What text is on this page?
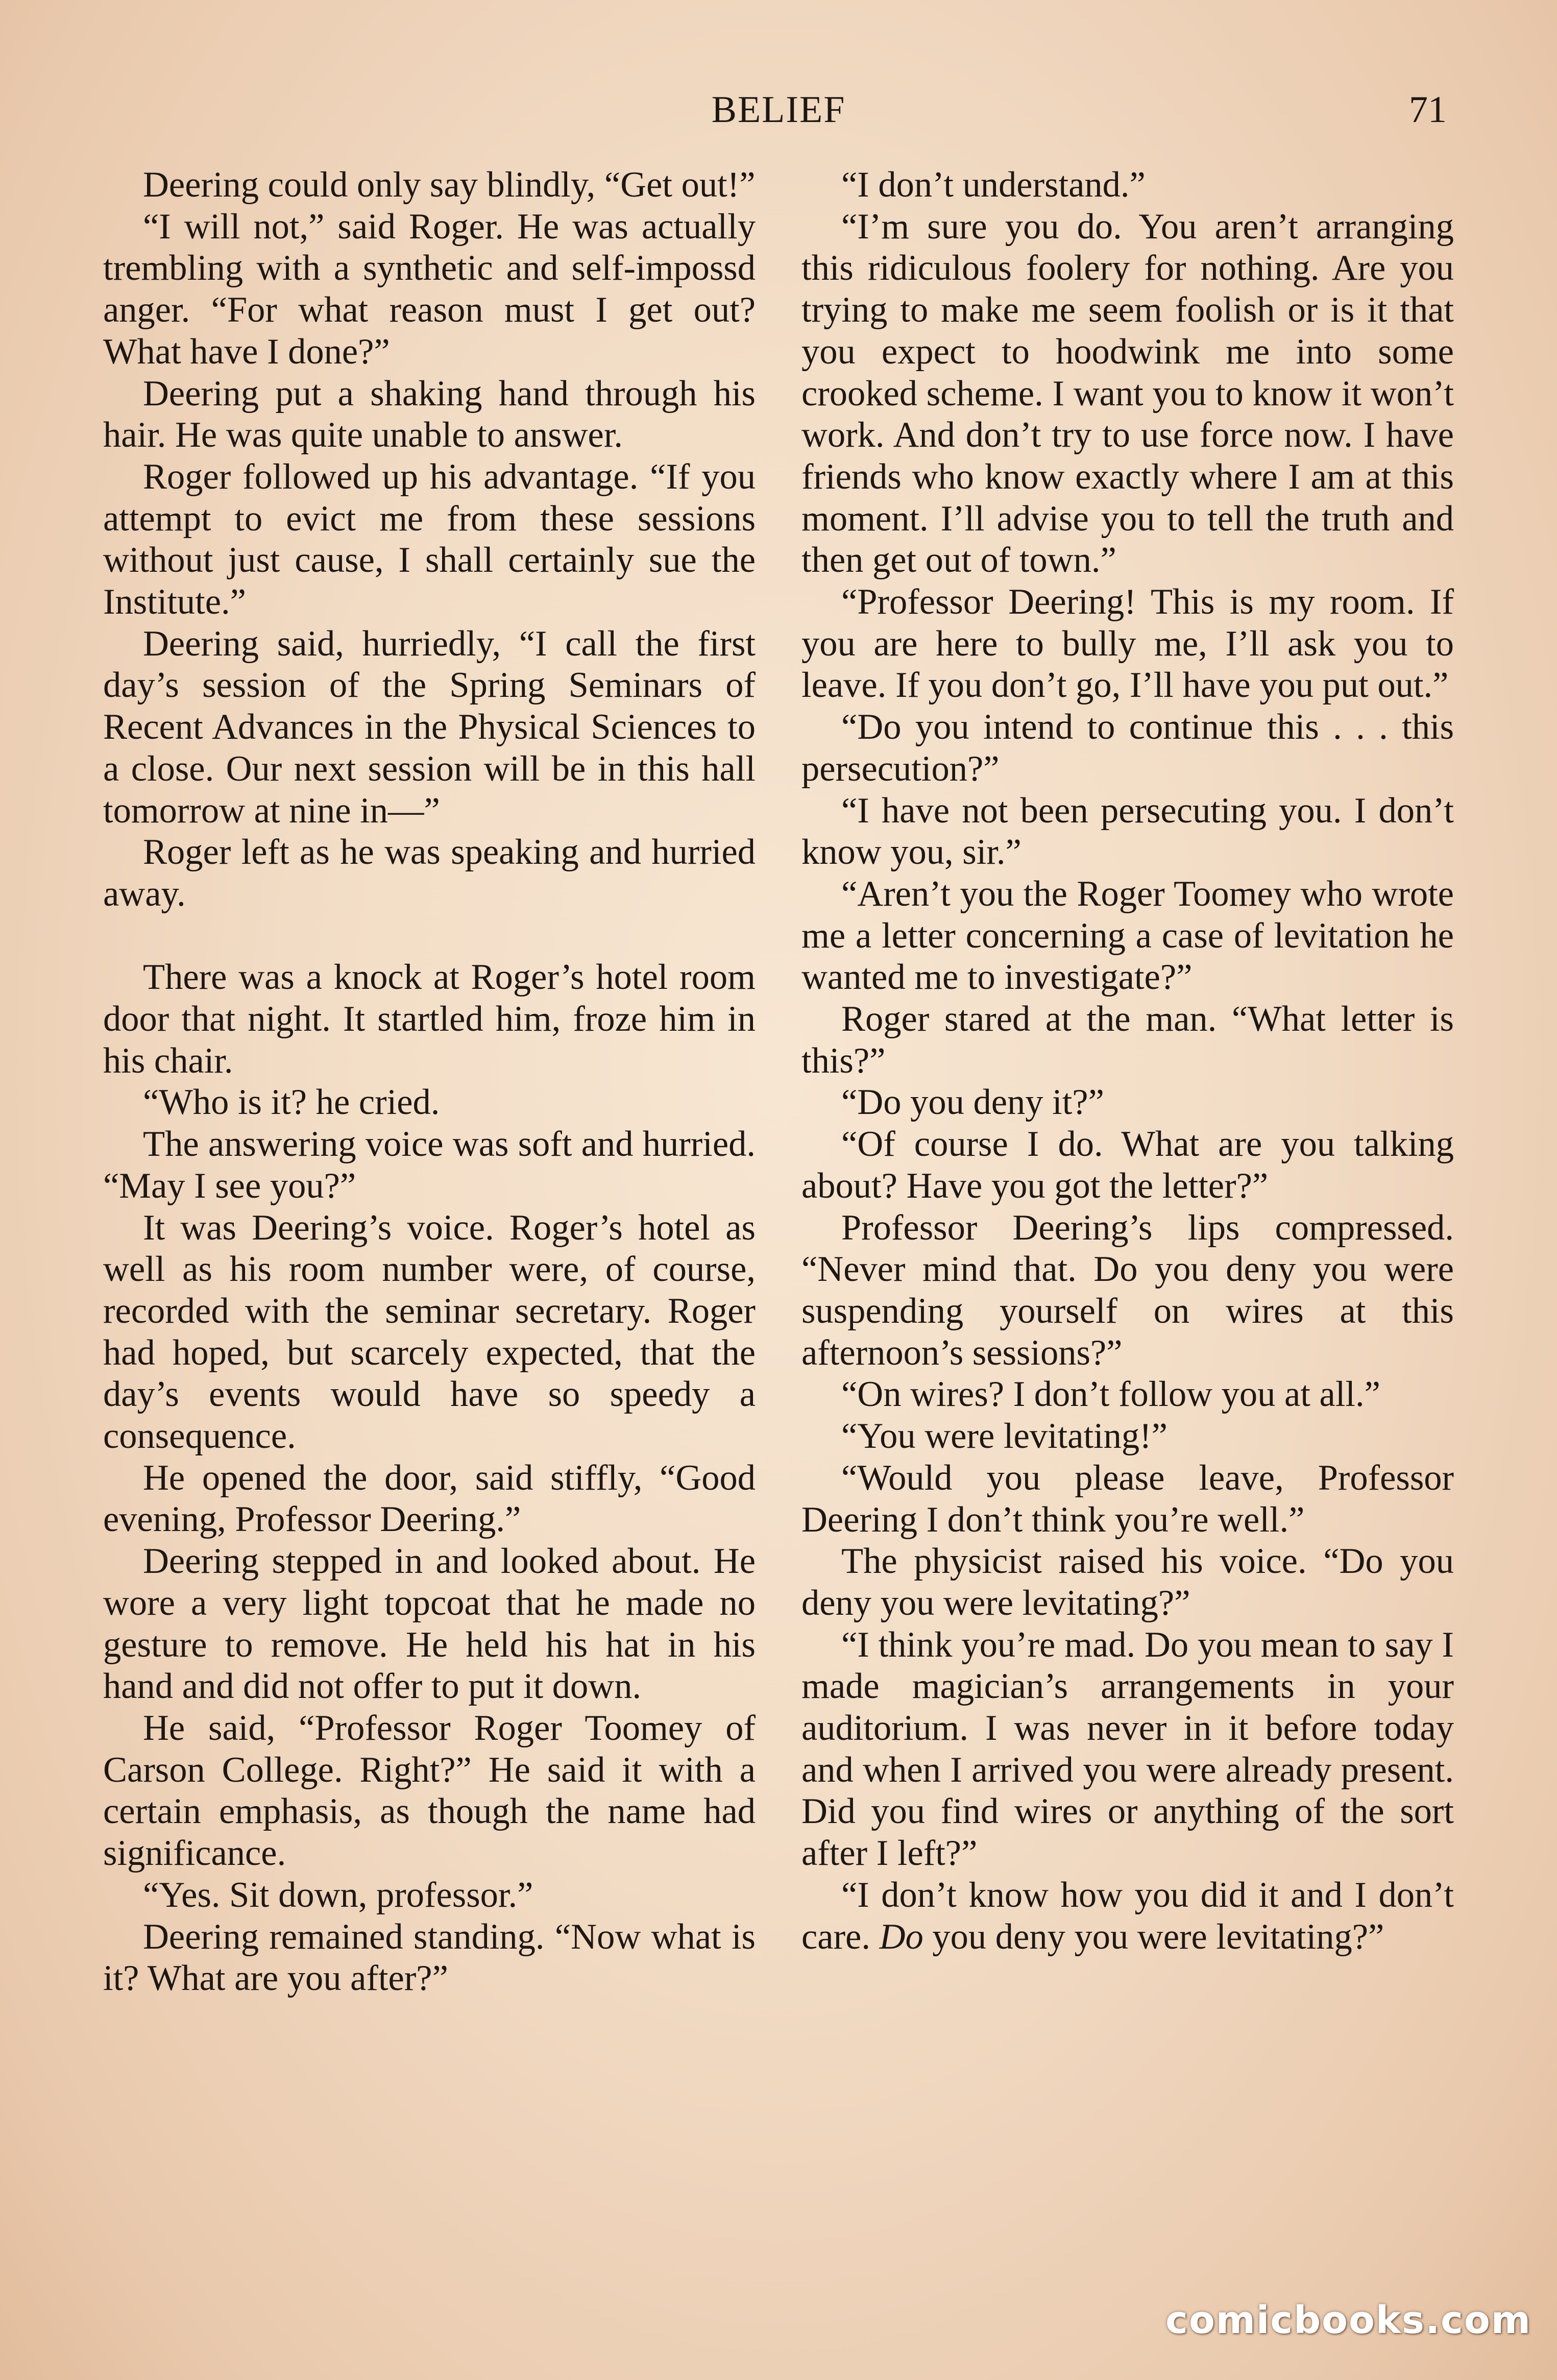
BELIEF	71

Deering could only say blindly, “Get out!”

“I will not,” said Roger. He was actually trembling with a synthetic and self-impossd anger. “For what reason must I get out? What have I done?”

Deering put a shaking hand through his hair. He was quite unable to answer.

Roger followed up his advantage. “If you attempt to evict me from these sessions without just cause, I shall certainly sue the Institute.”

Deering said, hurriedly, “I call the first day’s session of the Spring Seminars of Recent Advances in the Physical Sciences to a close. Our next session will be in this hall tomorrow at nine in—”

Roger left as he was speaking and hurried away.

There was a knock at Roger’s hotel room door that night. It startled him, froze him in his chair.

“Who is it? he cried.

The answering voice was soft and hurried. “May I see you?”

It was Deering’s voice. Roger’s hotel as well as his room number were, of course, recorded with the seminar secretary. Roger had hoped, but scarcely expected, that the day’s events would have so speedy a consequence.

He opened the door, said stiffly, “Good evening, Professor Deering.”

Deering stepped in and looked about. He wore a very light topcoat that he made no gesture to remove. He held his hat in his hand and did not offer to put it down.

He said, “Professor Roger Toomey of Carson College. Right?” He said it with a certain emphasis, as though the name had significance.

“Yes. Sit down, professor.”

Deering remained standing. “Now what is it? What are you after?”

“I don’t understand.”

“I’m sure you do. You aren’t arranging this ridiculous foolery for nothing. Are you trying to make me seem foolish or is it that you expect to hoodwink me into some crooked scheme. I want you to know it won’t work. And don’t try to use force now. I have friends who know exactly where I am at this moment. I’ll advise you to tell the truth and then get out of town.”

“Professor Deering! This is my room. If you are here to bully me, I’ll ask you to leave. If you don’t go, I’ll have you put out.”

“Do you intend to continue this . . . this persecution?”

“I have not been persecuting you. I don’t know you, sir.”

“Aren’t you the Roger Toomey who wrote me a letter concerning a case of levitation he wanted me to investigate?”

Roger stared at the man. “What letter is this?”

“Do you deny it?”

“Of course I do. What are you talking about? Have you got the letter?”

Professor Deering’s lips compressed. “Never mind that. Do you deny you were suspending yourself on wires at this afternoon’s sessions?”

“On wires? I don’t follow you at all.”

“You were levitating!”

“Would you please leave, Professor Deering I don’t think you’re well.”

The physicist raised his voice. “Do you deny you were levitating?”

“I think you’re mad. Do you mean to say I made magician’s arrangements in your auditorium. I was never in it before today and when I arrived you were already present. Did you find wires or anything of the sort after I left?”

“I don’t know how you did it and I don’t care. Do you deny you were levitating?”

comicbooks.com
